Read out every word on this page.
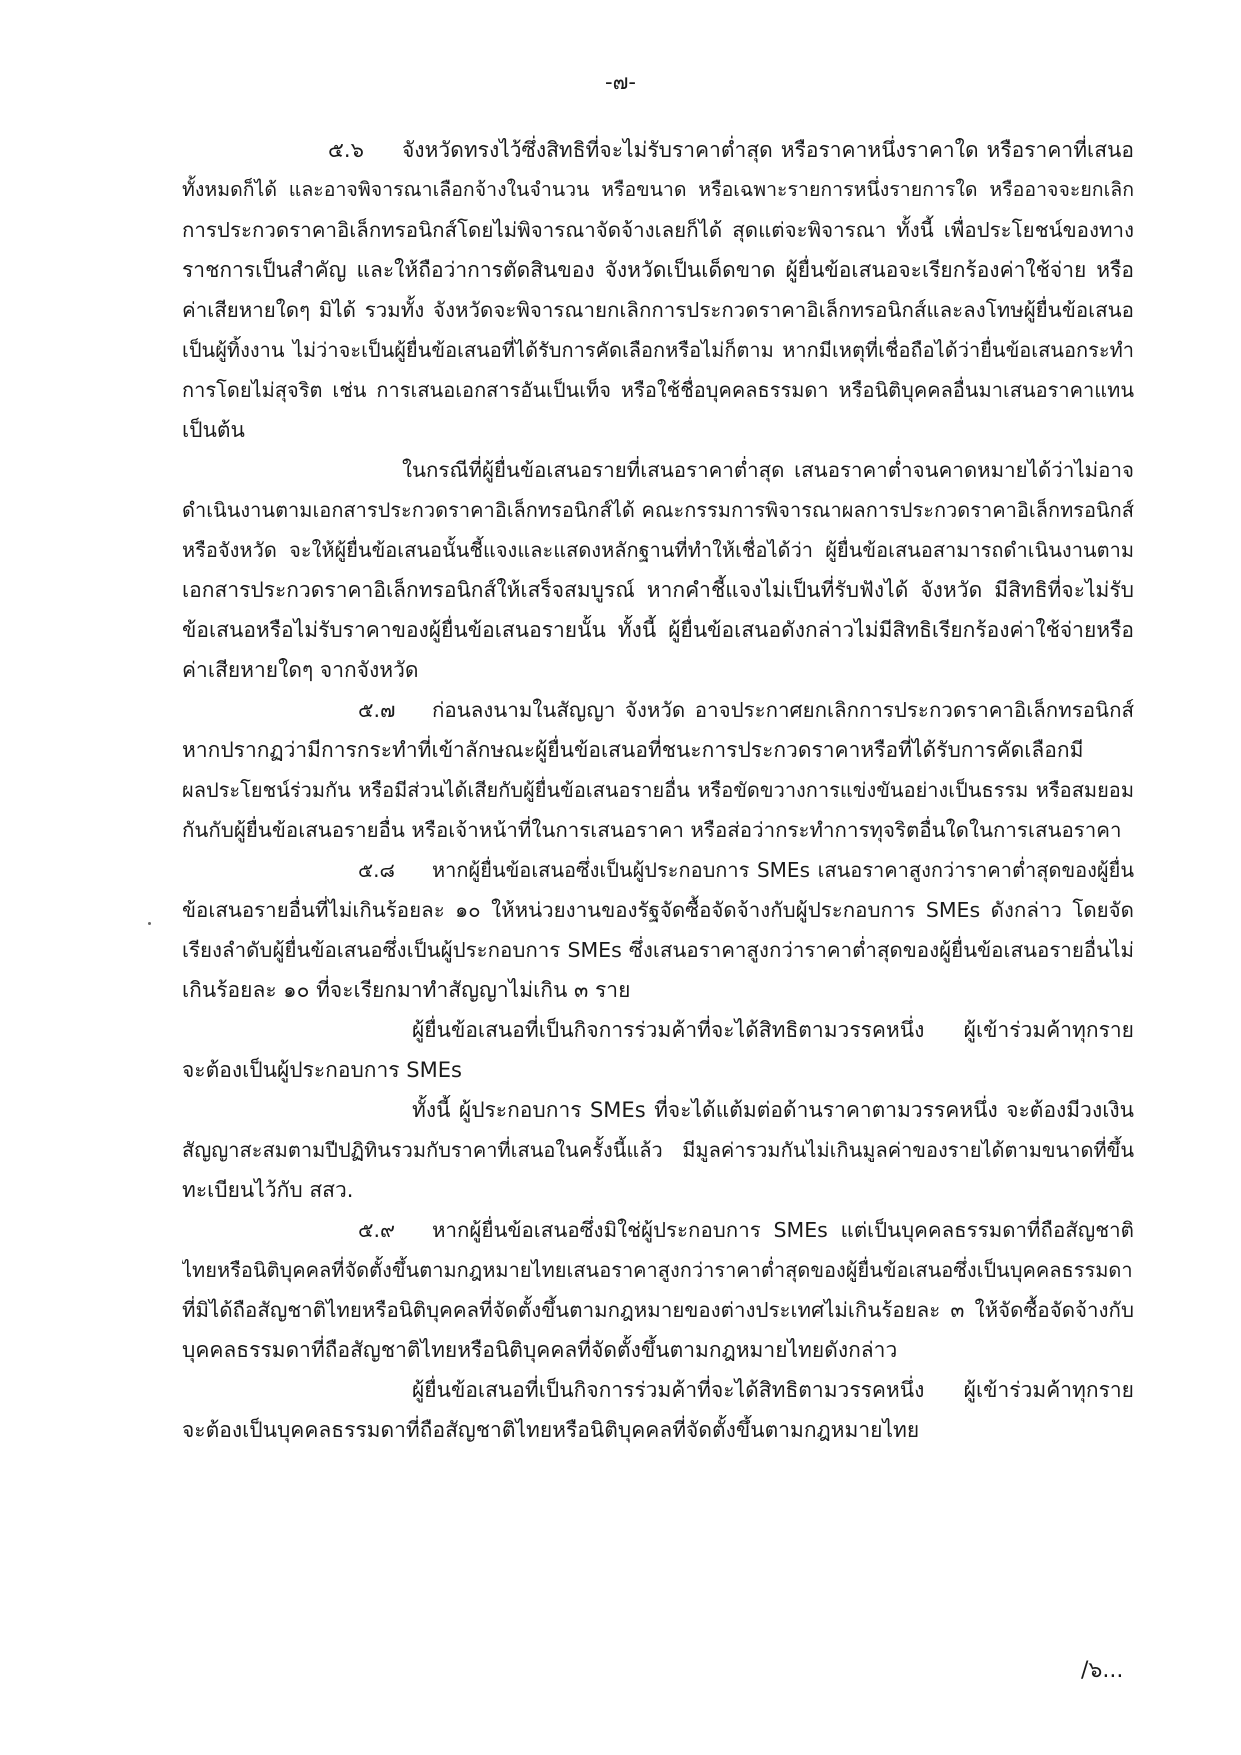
-๗-
๕.๖ จังหวัดทรงไว้ซึ่งสิทธิที่จะไม่รับราคาต่ำสุด หรือราคาหนึ่งราคาใด หรือราคาที่เสนอ
ทั้งหมดก็ได้ และอาจพิจารณาเลือกจ้างในจำนวน หรือขนาด หรือเฉพาะรายการหนึ่งรายการใด หรืออาจจะยกเลิก
การประกวดราคาอิเล็กทรอนิกส์โดยไม่พิจารณาจัดจ้างเลยก็ได้ สุดแต่จะพิจารณา ทั้งนี้ เพื่อประโยชน์ของทาง
ราชการเป็นสำคัญ และให้ถือว่าการตัดสินของ จังหวัดเป็นเด็ดขาด ผู้ยื่นข้อเสนอจะเรียกร้องค่าใช้จ่าย หรือ
ค่าเสียหายใดๆ มิได้ รวมทั้ง จังหวัดจะพิจารณายกเลิกการประกวดราคาอิเล็กทรอนิกส์และลงโทษผู้ยื่นข้อเสนอ
เป็นผู้ทิ้งงาน ไม่ว่าจะเป็นผู้ยื่นข้อเสนอที่ได้รับการคัดเลือกหรือไม่ก็ตาม หากมีเหตุที่เชื่อถือได้ว่ายื่นข้อเสนอกระทำ
การโดยไม่สุจริต เช่น การเสนอเอกสารอันเป็นเท็จ หรือใช้ชื่อบุคคลธรรมดา หรือนิติบุคคลอื่นมาเสนอราคาแทน
เป็นต้น
ในกรณีที่ผู้ยื่นข้อเสนอรายที่เสนอราคาต่ำสุด เสนอราคาต่ำจนคาดหมายได้ว่าไม่อาจ
ดำเนินงานตามเอกสารประกวดราคาอิเล็กทรอนิกส์ได้ คณะกรรมการพิจารณาผลการประกวดราคาอิเล็กทรอนิกส์
หรือจังหวัด จะให้ผู้ยื่นข้อเสนอนั้นชี้แจงและแสดงหลักฐานที่ทำให้เชื่อได้ว่า ผู้ยื่นข้อเสนอสามารถดำเนินงานตาม
เอกสารประกวดราคาอิเล็กทรอนิกส์ให้เสร็จสมบูรณ์ หากคำชี้แจงไม่เป็นที่รับฟังได้ จังหวัด มีสิทธิที่จะไม่รับ
ข้อเสนอหรือไม่รับราคาของผู้ยื่นข้อเสนอรายนั้น ทั้งนี้ ผู้ยื่นข้อเสนอดังกล่าวไม่มีสิทธิเรียกร้องค่าใช้จ่ายหรือ
ค่าเสียหายใดๆ จากจังหวัด
๕.๗ ก่อนลงนามในสัญญา จังหวัด อาจประกาศยกเลิกการประกวดราคาอิเล็กทรอนิกส์
หากปรากฏว่ามีการกระทำที่เข้าลักษณะผู้ยื่นข้อเสนอที่ชนะการประกวดราคาหรือที่ได้รับการคัดเลือกมี
ผลประโยชน์ร่วมกัน หรือมีส่วนได้เสียกับผู้ยื่นข้อเสนอรายอื่น หรือขัดขวางการแข่งขันอย่างเป็นธรรม หรือสมยอม
กันกับผู้ยื่นข้อเสนอรายอื่น หรือเจ้าหน้าที่ในการเสนอราคา หรือส่อว่ากระทำการทุจริตอื่นใดในการเสนอราคา
๕.๘ หากผู้ยื่นข้อเสนอซึ่งเป็นผู้ประกอบการ SMEs เสนอราคาสูงกว่าราคาต่ำสุดของผู้ยื่น
ข้อเสนอรายอื่นที่ไม่เกินร้อยละ ๑๐ ให้หน่วยงานของรัฐจัดซื้อจัดจ้างกับผู้ประกอบการ SMEs ดังกล่าว โดยจัด
เรียงลำดับผู้ยื่นข้อเสนอซึ่งเป็นผู้ประกอบการ SMEs ซึ่งเสนอราคาสูงกว่าราคาต่ำสุดของผู้ยื่นข้อเสนอรายอื่นไม่
เกินร้อยละ ๑๐ ที่จะเรียกมาทำสัญญาไม่เกิน ๓ ราย
ผู้ยื่นข้อเสนอที่เป็นกิจการร่วมค้าที่จะได้สิทธิตามวรรคหนึ่ง ผู้เข้าร่วมค้าทุกราย
จะต้องเป็นผู้ประกอบการ SMEs
ทั้งนี้ ผู้ประกอบการ SMEs ที่จะได้แต้มต่อด้านราคาตามวรรคหนึ่ง จะต้องมีวงเงิน
สัญญาสะสมตามปีปฏิทินรวมกับราคาที่เสนอในครั้งนี้แล้ว มีมูลค่ารวมกันไม่เกินมูลค่าของรายได้ตามขนาดที่ขึ้น
ทะเบียนไว้กับ สสว.
๕.๙ หากผู้ยื่นข้อเสนอซึ่งมิใช่ผู้ประกอบการ SMEs แต่เป็นบุคคลธรรมดาที่ถือสัญชาติ
ไทยหรือนิติบุคคลที่จัดตั้งขึ้นตามกฎหมายไทยเสนอราคาสูงกว่าราคาต่ำสุดของผู้ยื่นข้อเสนอซึ่งเป็นบุคคลธรรมดา
ที่มิได้ถือสัญชาติไทยหรือนิติบุคคลที่จัดตั้งขึ้นตามกฎหมายของต่างประเทศไม่เกินร้อยละ ๓ ให้จัดซื้อจัดจ้างกับ
บุคคลธรรมดาที่ถือสัญชาติไทยหรือนิติบุคคลที่จัดตั้งขึ้นตามกฎหมายไทยดังกล่าว
ผู้ยื่นข้อเสนอที่เป็นกิจการร่วมค้าที่จะได้สิทธิตามวรรคหนึ่ง ผู้เข้าร่วมค้าทุกราย
จะต้องเป็นบุคคลธรรมดาที่ถือสัญชาติไทยหรือนิติบุคคลที่จัดตั้งขึ้นตามกฎหมายไทย
/๖...
